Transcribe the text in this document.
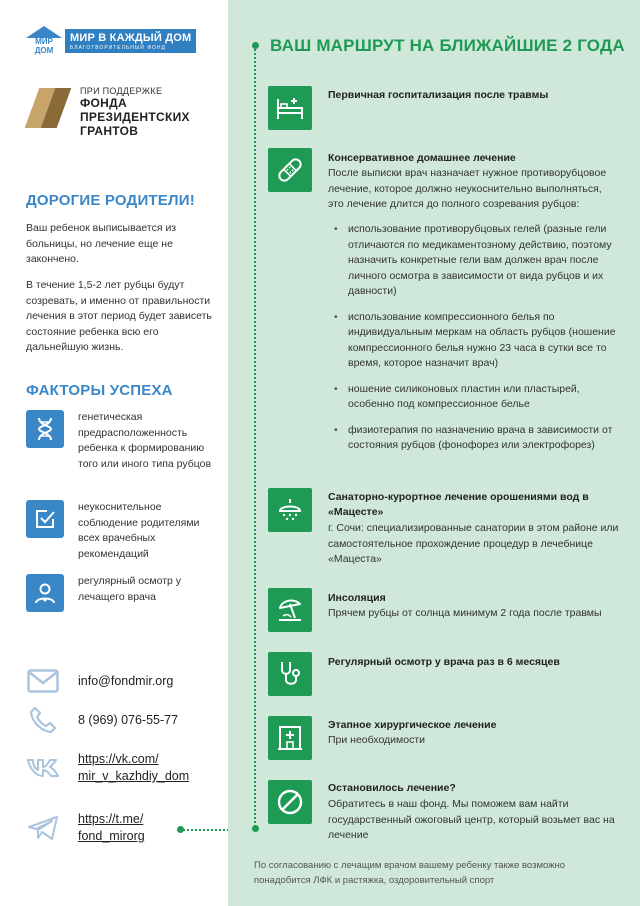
МИР ДОМ
МИР В КАЖДЫЙ ДОМ
БЛАГОТВОРИТЕЛЬНЫЙ ФОНД
ПРИ ПОДДЕРЖКЕ
ФОНДА
ПРЕЗИДЕНТСКИХ
ГРАНТОВ
ДОРОГИЕ РОДИТЕЛИ!
Ваш ребенок выписывается из больницы, но лечение еще не закончено.
В течение 1,5-2 лет рубцы будут созревать, и именно от правильности лечения в этот период будет зависеть состояние ребенка всю его дальнейшую жизнь.
ФАКТОРЫ УСПЕХА
генетическая предрасположенность ребенка к формированию того или иного типа рубцов
неукоснительное соблюдение родителями всех врачебных рекомендаций
регулярный осмотр у лечащего врача
info@fondmir.org
8 (969) 076-55-77
https://vk.com/
mir_v_kazhdiy_dom
https://t.me/
fond_mirorg
ВАШ МАРШРУТ НА БЛИЖАЙШИЕ 2 ГОДА
Первичная госпитализация после травмы
Консервативное домашнее лечение
После выписки врач назначает нужное противорубцовое лечение, которое должно неукоснительно выполняться, это лечение длится до полного созревания рубцов:
• использование противорубцовых гелей (разные гели отличаются по медикаментозному действию, поэтому назначить конкретные гели вам должен врач после личного осмотра в зависимости от вида рубцов и их давности)
• использование компрессионного белья по индивидуальным меркам на область рубцов (ношение компрессионного белья нужно 23 часа в сутки все то время, которое назначит врач)
• ношение силиконовых пластин или пластырей, особенно под компрессионное белье
• физиотерапия по назначению врача в зависимости от состояния рубцов (фонофорез или электрофорез)
Санаторно-курортное лечение орошениями вод в «Мацесте»
г. Сочи: специализированные санатории в этом районе или самостоятельное прохождение процедур в лечебнице «Мацеста»
Инсоляция
Прячем рубцы от солнца минимум 2 года после травмы
Регулярный осмотр у врача раз в 6 месяцев
Этапное хирургическое лечение
При необходимости
Остановилось лечение?
Обратитесь в наш фонд. Мы поможем вам найти государственный ожоговый центр, который возьмет вас на лечение
По согласованию с лечащим врачом вашему ребенку также возможно понадобится ЛФК и растяжка, оздоровительный спорт
